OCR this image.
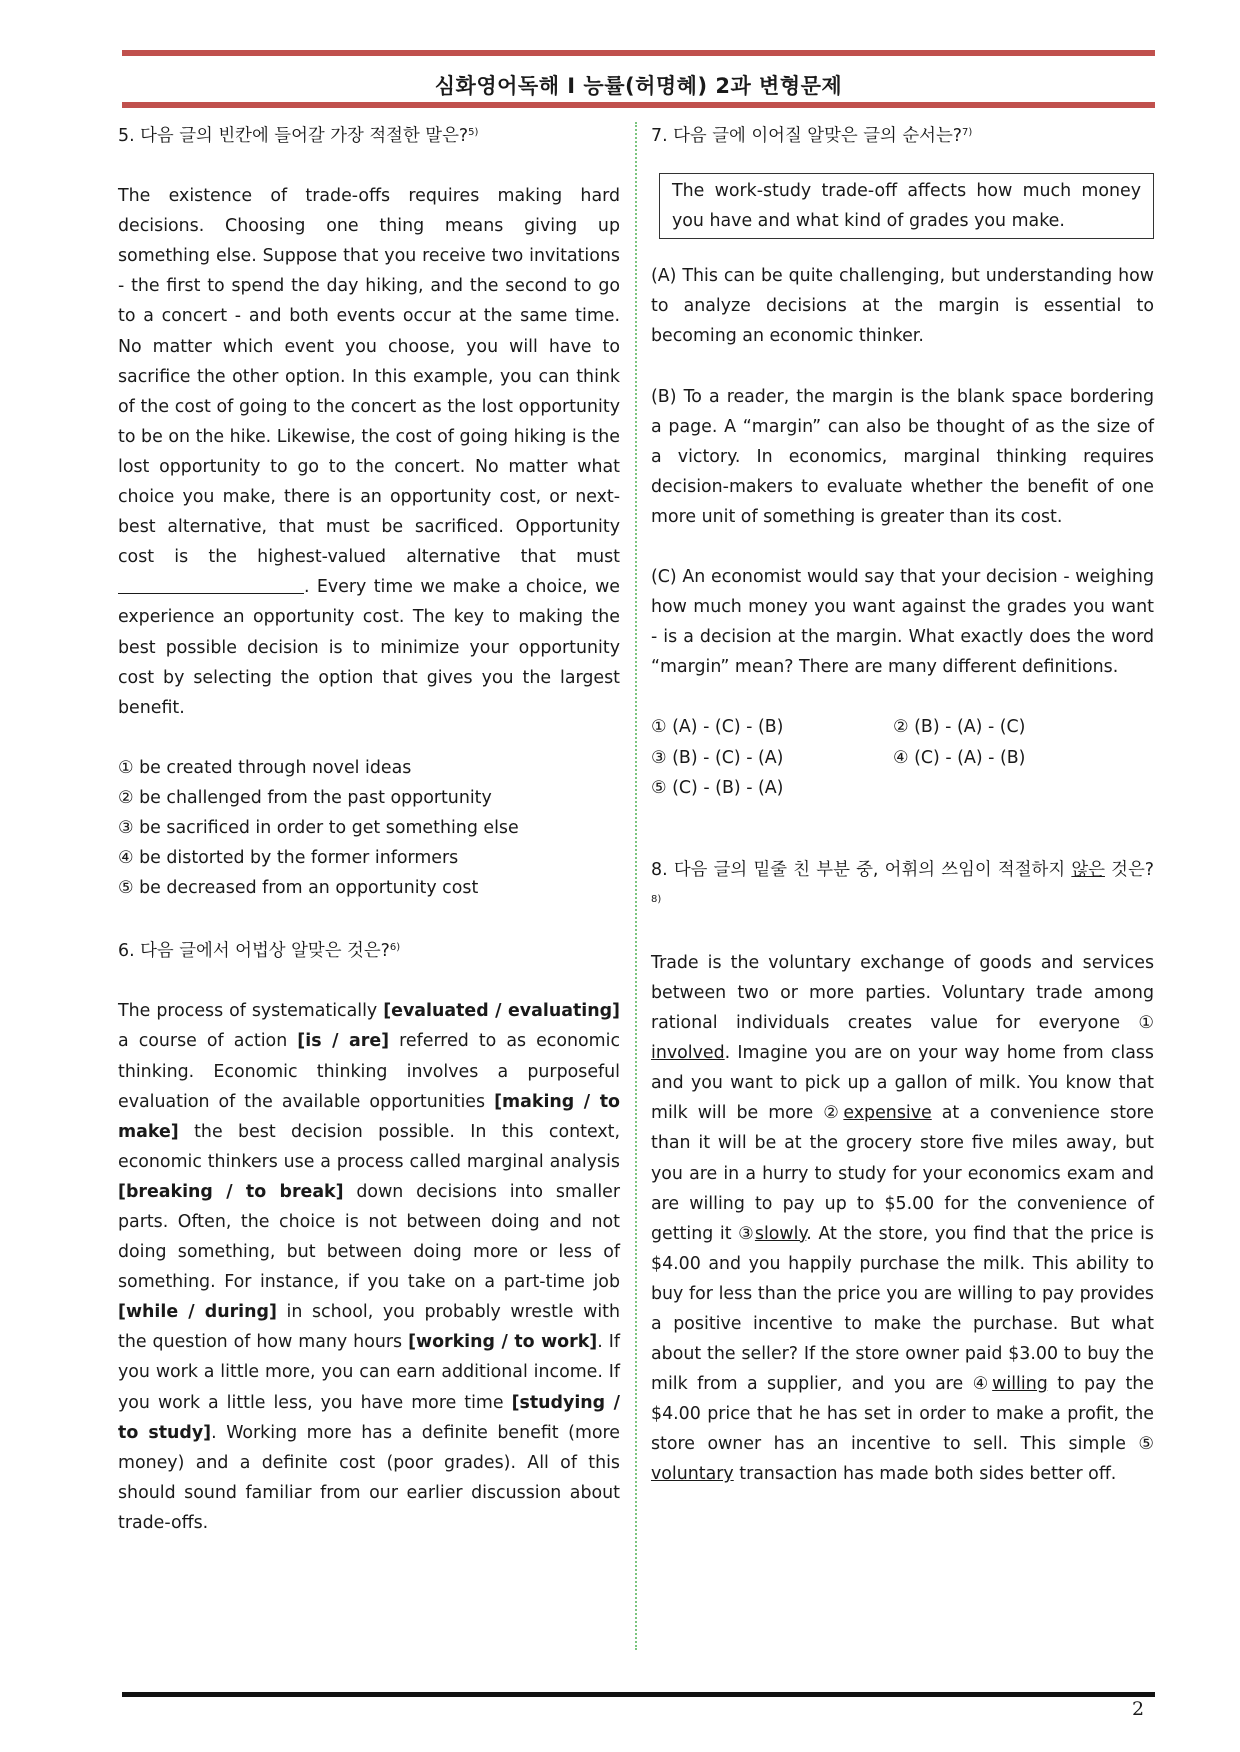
심화영어독해 I 능률(허명혜) 2과 변형문제

5. 다음 글의 빈칸에 들어갈 가장 적절한 말은?$^{5)}$

The existence of trade-offs requires making hard decisions. Choosing one thing means giving up something else. Suppose that you receive two invitations - the first to spend the day hiking, and the second to go to a concert - and both events occur at the same time. No matter which event you choose, you will have to sacrifice the other option. In this example, you can think of the cost of going to the concert as the lost opportunity to be on the hike. Likewise, the cost of going hiking is the lost opportunity to go to the concert. No matter what choice you make, there is an opportunity cost, or next-best alternative, that must be sacrificed. Opportunity cost is the highest-valued alternative that must . Every time we make a choice, we experience an opportunity cost. The key to making the best possible decision is to minimize your opportunity cost by selecting the option that gives you the largest benefit.

① be created through novel ideas

② be challenged from the past opportunity

③ be sacrificed in order to get something else

④ be distorted by the former informers

⑤ be decreased from an opportunity cost

6. 다음 글에서 어법상 알맞은 것은?$^{6)}$

The process of systematically [evaluated / evaluating] a course of action [is / are] referred to as economic thinking. Economic thinking involves a purposeful evaluation of the available opportunities [making / to make] the best decision possible. In this context, economic thinkers use a process called marginal analysis [breaking / to break] down decisions into smaller parts. Often, the choice is not between doing and not doing something, but between doing more or less of something. For instance, if you take on a part-time job [while / during] in school, you probably wrestle with the question of how many hours [working / to work]. If you work a little more, you can earn additional income. If you work a little less, you have more time [studying / to study]. Working more has a definite benefit (more money) and a definite cost (poor grades). All of this should sound familiar from our earlier discussion about trade-offs.

7. 다음 글에 이어질 알맞은 글의 순서는?$^{7)}$

The work-study trade-off affects how much money you have and what kind of grades you make.

(A) This can be quite challenging, but understanding how to analyze decisions at the margin is essential to becoming an economic thinker.

(B) To a reader, the margin is the blank space bordering a page. A “margin” can also be thought of as the size of a victory. In economics, marginal thinking requires decision-makers to evaluate whether the benefit of one more unit of something is greater than its cost.

(C) An economist would say that your decision - weighing how much money you want against the grades you want - is a decision at the margin. What exactly does the word “margin” mean? There are many different definitions.

① (A) - (C) - (B)	② (B) - (A) - (C)

③ (B) - (C) - (A)	④ (C) - (A) - (B)

⑤ (C) - (B) - (A)

8. 다음 글의 밑줄 친 부분 중, 어휘의 쓰임이 적절하지 않은 것은?$^{8)}$

Trade is the voluntary exchange of goods and services between two or more parties. Voluntary trade among rational individuals creates value for everyone ① involved. Imagine you are on your way home from class and you want to pick up a gallon of milk. You know that milk will be more ②expensive at a convenience store than it will be at the grocery store five miles away, but you are in a hurry to study for your economics exam and are willing to pay up to $5.00 for the convenience of getting it ③slowly. At the store, you find that the price is $4.00 and you happily purchase the milk. This ability to buy for less than the price you are willing to pay provides a positive incentive to make the purchase. But what about the seller? If the store owner paid $3.00 to buy the milk from a supplier, and you are ④willing to pay the $4.00 price that he has set in order to make a profit, the store owner has an incentive to sell. This simple ⑤ voluntary transaction has made both sides better off.

2
